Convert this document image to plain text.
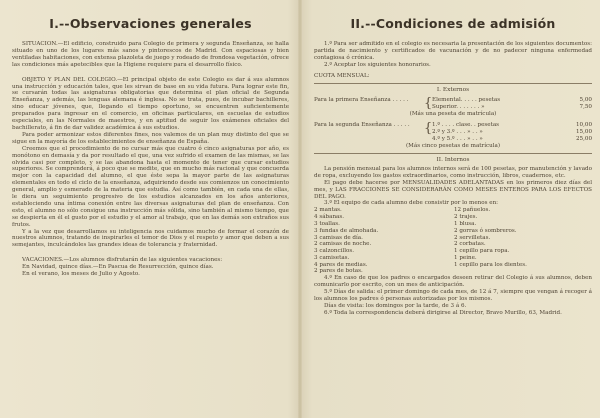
I.--Observaciones generales

SITUACION.—El edificio, construido para Colegio de primera y segunda Enseñanza, se halla situado en uno de los lugares más sanos y pintorescos de Madrid. Con espaciosas y bien ventiladas habitaciones, con extensa plazoleta de juego y rodeado de frondosa vegetación, ofrece las condiciones más apetecibles que la Higiene requiere para el desarrollo físico.

OBJETO Y PLAN DEL COLEGIO.—El principal objeto de este Colegio es dar á sus alumnos una instrucción y educación tales, que les sirvan de base en su vida futura. Para lograr este fin, se cursarán todas las asignaturas obligatorias que determina el plan oficial de Segunda Enseñanza, y además, las lenguas alemana é inglesa. No se trata, pues, de incubar bachilleres, sino educar jóvenes, que, llegando el tiempo oportuno, se encuentren suficientemente preparados para ingresar en el comercio, en oficinas particulares, en escuelas de estudios especiales, en las Normales de maestros, y en aptitud de seguir los exámenes oficiales del bachillerato, á fin de dar validez académica á sus estudios.

Para poder armonizar estos diferentes fines, nos valemos de un plan muy distinto del que se sigue en la mayoría de los establecimientos de enseñanza de España.

Creemos que el procedimiento de no cursar más que cuatro ó cinco asignaturas por año, es monótono en demasía y da por resultado el que, una vez sufrido el examen de las mismas, se las olvida casi por completo, y se las abandona hasta el momento de tener que cursar estudios superiores. Se comprenderá, á poco que se medite, que en mucho más racional y que concuerda mejor con la capacidad del alumno, el que éste sepa la mayor parte de las asignaturas elementales en todo el ciclo de la enseñanza, adquiriendo desde sus comienzos un conocimiento general, amplio y esmerado de la materia que estudia. Así como también, en cada una de ellas, le diera un seguimiento progresivo de los estudios alcanzados en los años anteriores, estableciendo una íntima conexión entre las diversas asignaturas del plan de enseñanza. Con esto, el alumno no sólo consigue una instrucción más sólida, sino también al mismo tiempo, que se despierta en él el gusto por el estudio y el amor al trabajo, que en las demás son extraños sus frutos.

Y a la vez que desarrollamos su inteligencia nos cuidamos mucho de formar el corazón de nuestros alumnos, tratando de inspirarles el temor de Dios y el respeto y amor que deben a sus semejantes, inculcándoles las grandes ideas de tolerancia y fraternidad.

VACACIONES.—Los alumnos disfrutarán de las siguientes vacaciones:

En Navidad, quince días.—En Pascua de Resurrección, quince días.

En el verano, los meses de Julio y Agosto.

II.--Condiciones de admisión

1.º Para ser admitido en el colegio es necesaria la presentación de los siguientes documentos: partida de nacimiento y certificados de vacunación y de no padecer ninguna enfermedad contagiosa ó crónica.

2.º Aceptar los siguientes honorarios.

CUOTA MENSUAL:

I. Externos
Para la primera Enseñanza . . . . .	{ Elemental. . . . . pesetas	5,00
Superior. . . . . . . »	7,50

(Más una peseta de matrícula)

Para la segunda Enseñanza . . . . .	{ 1.º . . . . clase. . pesetas	10,00
2.º y 3.º . . . » . . »	15,00
4.º y 5.º . . . » . . »	25,00

(Más cinco pesetas de matrícula)

II. Internos

La pensión mensual para los alumnos internos será de 100 pesetas, por manutención y lavado de ropa, excluyendo los gastos extraordinarios, como instrucción, libros, cuadernos, etc.

El pago debe hacerse por MENSUALIDADES ADELANTADAS en los primeros diez días del mes, y LAS FRACCIONES SE CONSIDERARÁN COMO MESES ENTEROS PARA LOS EFECTOS DEL PAGO.

3.º El equipo de cada alumno debe consistir por lo menos en:

2 mantas.
4 sábanas.
3 toallas.
3 fundas de almohada.
3 camisas de día.
2 camisas de noche.
3 calzoncillos.
3 camisetas.
4 pares de medias.
2 pares de botas.
12 pañuelos.
2 trajes.
1 blusa.
2 gorras ó sombreros.
2 servilletas.
2 corbatas.
1 cepillo para ropa.
1 peine.
1 cepillo para los dientes.

4.º En caso de que los padres o encargados deseen retirar del Colegio á sus alumnos, deben comunicarlo por escrito, con un mes de anticipación.

5.º Días de salida: el primer domingo de cada mes, de 12 á 7, siempre que vengan á recoger á los alumnos los padres ó personas autorizadas por los mismos.

Días de visita: los domingos por la tarde, de 3 á 6.

6.º Toda la correspondencia deberá dirigirse al Director, Bravo Murillo, 63, Madrid.
